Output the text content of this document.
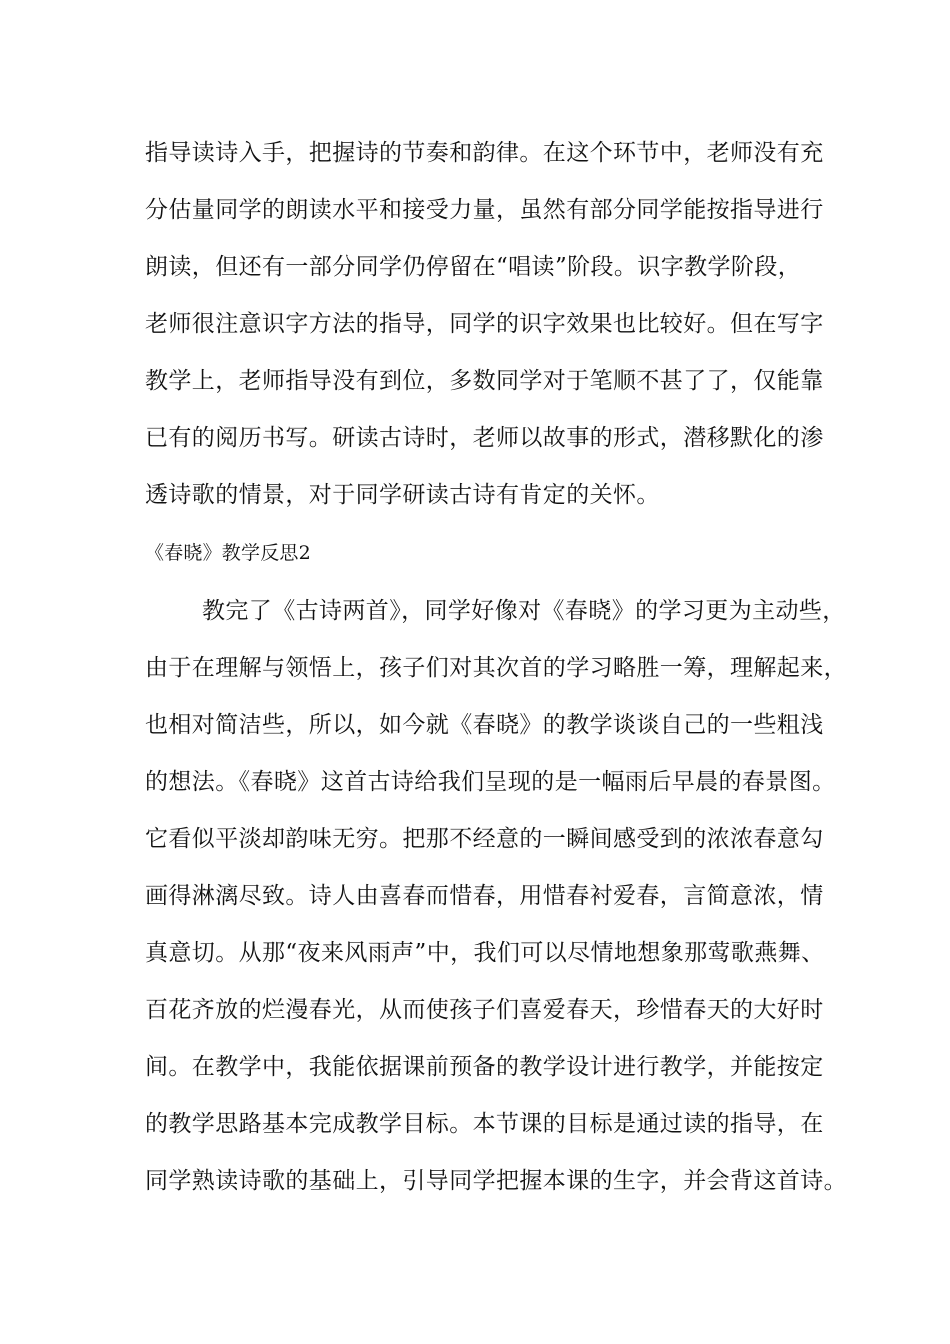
指导读诗入手，把握诗的节奏和韵律。在这个环节中，老师没有充
分估量同学的朗读水平和接受力量，虽然有部分同学能按指导进行
朗读，但还有一部分同学仍停留在“唱读”阶段。识字教学阶段，
老师很注意识字方法的指导，同学的识字效果也比较好。但在写字
教学上，老师指导没有到位，多数同学对于笔顺不甚了了，仅能靠
已有的阅历书写。研读古诗时，老师以故事的形式，潜移默化的渗
透诗歌的情景，对于同学研读古诗有肯定的关怀。
《春晓》教学反思2
教完了《古诗两首》，同学好像对《春晓》的学习更为主动些，
由于在理解与领悟上，孩子们对其次首的学习略胜一筹，理解起来，
也相对简洁些，所以，如今就《春晓》的教学谈谈自己的一些粗浅
的想法。《春晓》这首古诗给我们呈现的是一幅雨后早晨的春景图。
它看似平淡却韵味无穷。把那不经意的一瞬间感受到的浓浓春意勾
画得淋漓尽致。诗人由喜春而惜春，用惜春衬爱春，言简意浓，情
真意切。从那“夜来风雨声”中，我们可以尽情地想象那莺歌燕舞、
百花齐放的烂漫春光，从而使孩子们喜爱春天，珍惜春天的大好时
间。在教学中，我能依据课前预备的教学设计进行教学，并能按定
的教学思路基本完成教学目标。本节课的目标是通过读的指导，在
同学熟读诗歌的基础上，引导同学把握本课的生字，并会背这首诗。
